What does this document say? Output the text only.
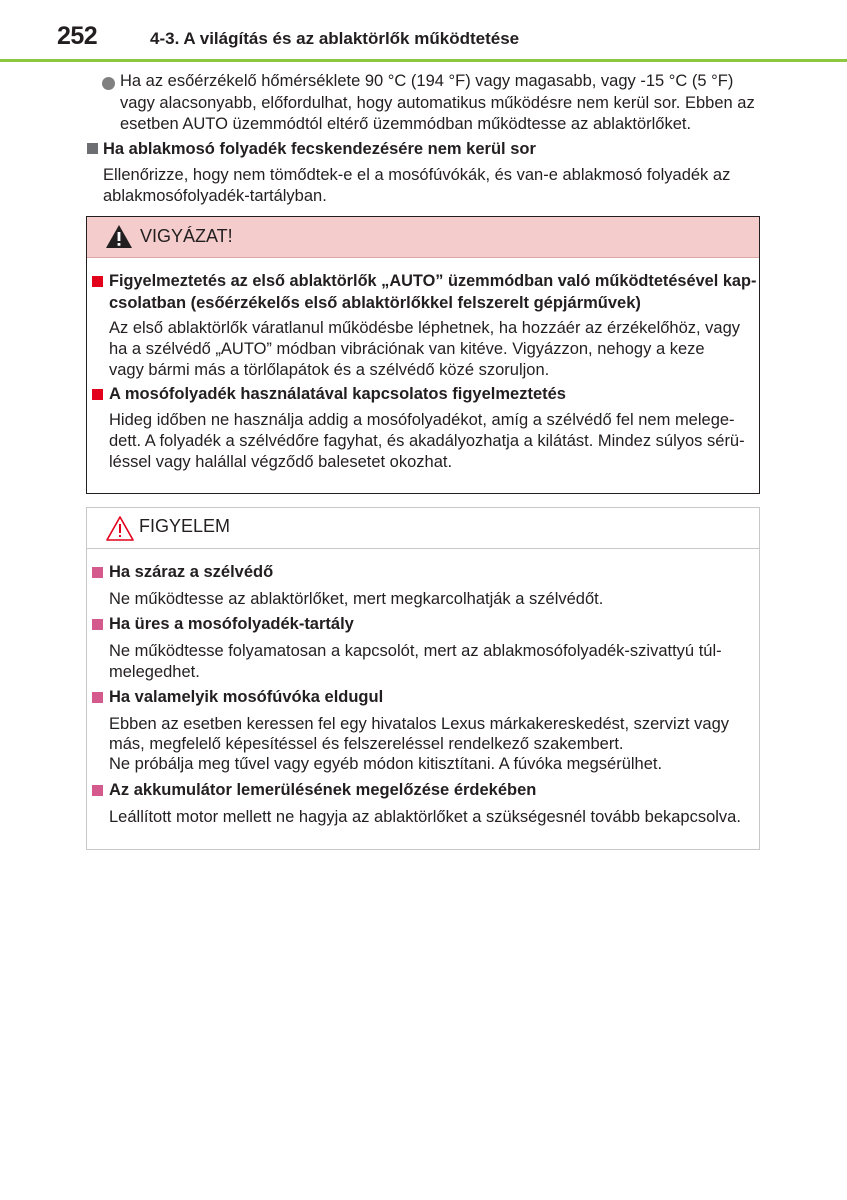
252	4-3. A világítás és az ablaktörlők működtetése
Ha az esőérzékelő hőmérséklete 90 °C (194 °F) vagy magasabb, vagy -15 °C (5 °F)
vagy alacsonyabb, előfordulhat, hogy automatikus működésre nem kerül sor. Ebben az
esetben AUTO üzemmódtól eltérő üzemmódban működtesse az ablaktörlőket.
Ha ablakmosó folyadék fecskendezésére nem kerül sor
Ellenőrizze, hogy nem tömődtek-e el a mosófúvókák, és van-e ablakmosó folyadék az
ablakmosófolyadék-tartályban.
VIGYÁZAT!
Figyelmeztetés az első ablaktörlők „AUTO” üzemmódban való működtetésével kap-
csolatban (esőérzékelős első ablaktörlőkkel felszerelt gépjárművek)
Az első ablaktörlők váratlanul működésbe léphetnek, ha hozzáér az érzékelőhöz, vagy
ha a szélvédő „AUTO” módban vibrációnak van kitéve. Vigyázzon, nehogy a keze
vagy bármi más a törlőlapátok és a szélvédő közé szoruljon.
A mosófolyadék használatával kapcsolatos figyelmeztetés
Hideg időben ne használja addig a mosófolyadékot, amíg a szélvédő fel nem melege-
dett. A folyadék a szélvédőre fagyhat, és akadályozhatja a kilátást. Mindez súlyos sérü-
léssel vagy halállal végződő balesetet okozhat.
FIGYELEM
Ha száraz a szélvédő
Ne működtesse az ablaktörlőket, mert megkarcolhatják a szélvédőt.
Ha üres a mosófolyadék-tartály
Ne működtesse folyamatosan a kapcsolót, mert az ablakmosófolyadék-szivattyú túl-
melegedhet.
Ha valamelyik mosófúvóka eldugul
Ebben az esetben keressen fel egy hivatalos Lexus márkakereskedést, szervizt vagy
más, megfelelő képesítéssel és felszereléssel rendelkező szakembert.
Ne próbálja meg tűvel vagy egyéb módon kitisztítani. A fúvóka megsérülhet.
Az akkumulátor lemerülésének megelőzése érdekében
Leállított motor mellett ne hagyja az ablaktörlőket a szükségesnél tovább bekapcsolva.
